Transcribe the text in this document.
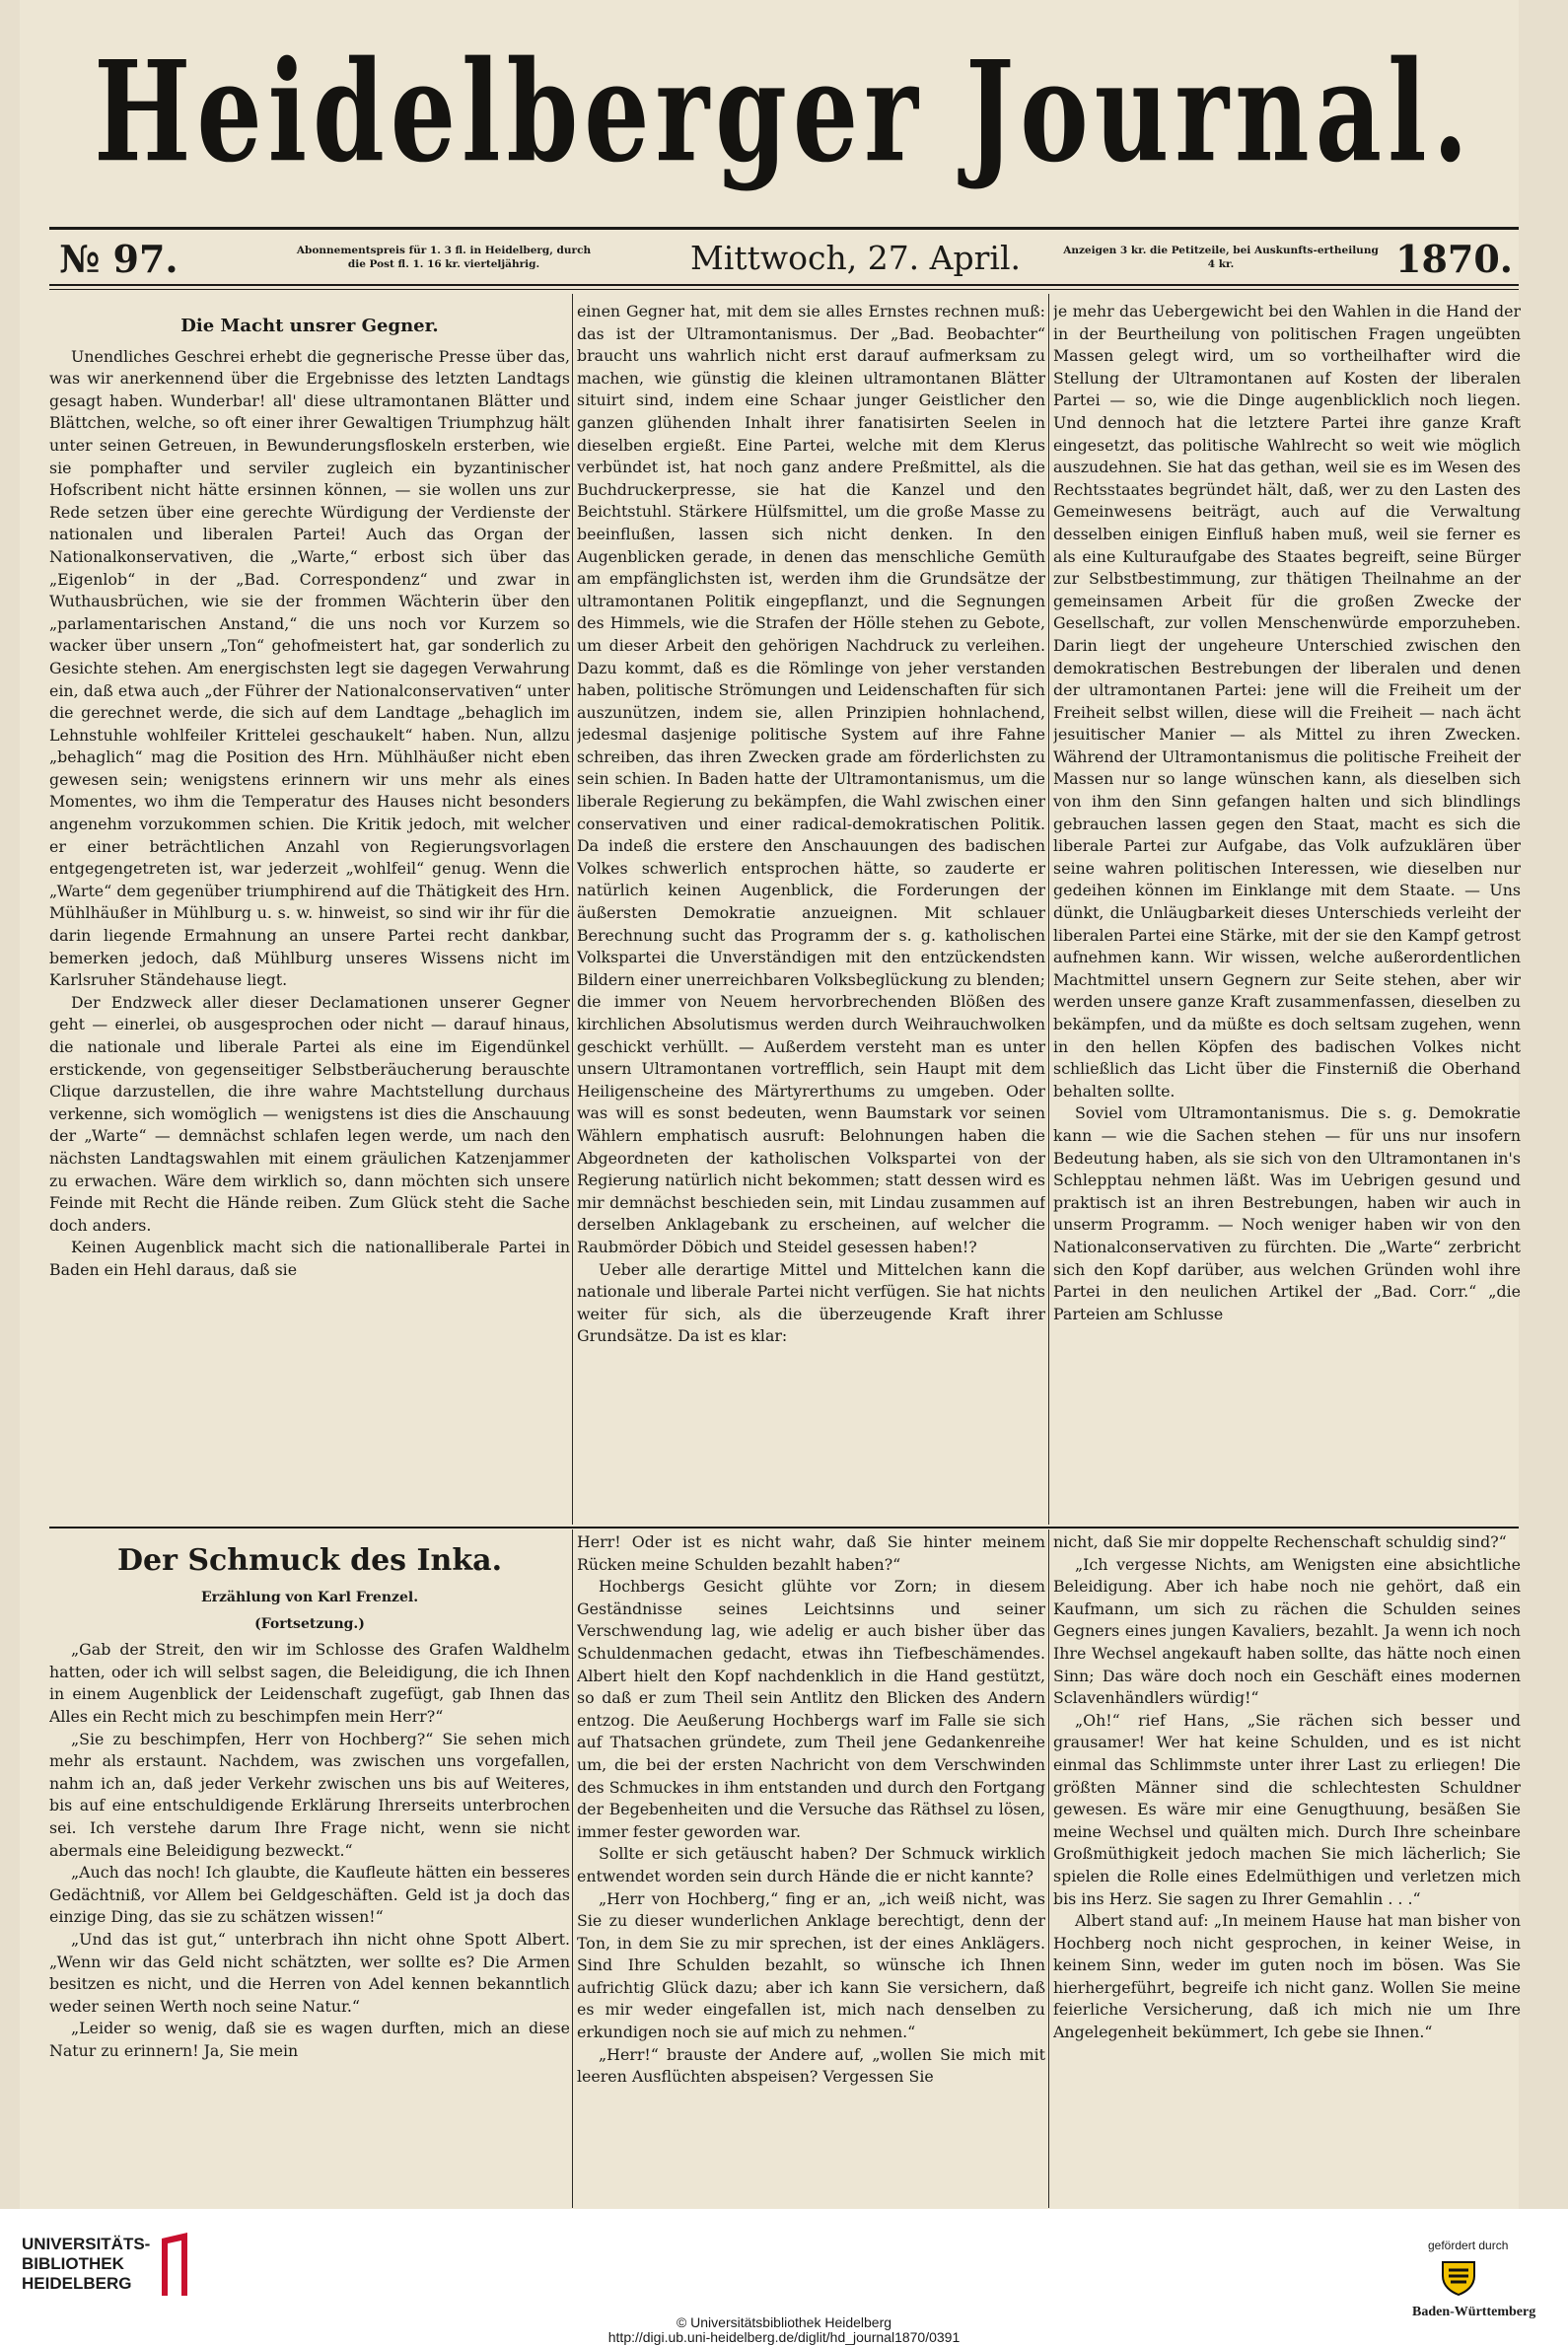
Heidelberger Journal.
№ 97.	Abonnementspreis für 1. 3 fl. in Heidelberg, durch die Post fl. 1. 16 kr. vierteljährig.	Mittwoch, 27. April.	Anzeigen 3 kr. die Petitzeile, bei Auskunfts-ertheilung 4 kr.	1870.

Die Macht unsrer Gegner.

Unendliches Geschrei erhebt die gegnerische Presse über das, was wir anerkennend über die Ergebnisse des letzten Landtags gesagt haben. Wunderbar! all' diese ultramontanen Blätter und Blättchen, welche, so oft einer ihrer Gewaltigen Triumphzug hält unter seinen Getreuen, in Bewunderungsfloskeln ersterben, wie sie pomphafter und serviler zugleich ein byzantinischer Hofscribent nicht hätte ersinnen können, — sie wollen uns zur Rede setzen über eine gerechte Würdigung der Verdienste der nationalen und liberalen Partei! Auch das Organ der Nationalkonservativen, die „Warte,“ erbost sich über das „Eigenlob“ in der „Bad. Correspondenz“ und zwar in Wuthausbrüchen, wie sie der frommen Wächterin über den „parlamentarischen Anstand,“ die uns noch vor Kurzem so wacker über unsern „Ton“ gehofmeistert hat, gar sonderlich zu Gesichte stehen. Am energischsten legt sie dagegen Verwahrung ein, daß etwa auch „der Führer der Nationalconservativen“ unter die gerechnet werde, die sich auf dem Landtage „behaglich im Lehnstuhle wohlfeiler Krittelei geschaukelt“ haben. Nun, allzu „behaglich“ mag die Position des Hrn. Mühlhäußer nicht eben gewesen sein; wenigstens erinnern wir uns mehr als eines Momentes, wo ihm die Temperatur des Hauses nicht besonders angenehm vorzukommen schien. Die Kritik jedoch, mit welcher er einer beträchtlichen Anzahl von Regierungsvorlagen entgegengetreten ist, war jederzeit „wohlfeil“ genug. Wenn die „Warte“ dem gegenüber triumphirend auf die Thätigkeit des Hrn. Mühlhäußer in Mühlburg u. s. w. hinweist, so sind wir ihr für die darin liegende Ermahnung an unsere Partei recht dankbar, bemerken jedoch, daß Mühlburg unseres Wissens nicht im Karlsruher Ständehause liegt.

Der Endzweck aller dieser Declamationen unserer Gegner geht — einerlei, ob ausgesprochen oder nicht — darauf hinaus, die nationale und liberale Partei als eine im Eigendünkel erstickende, von gegenseitiger Selbstberäucherung berauschte Clique darzustellen, die ihre wahre Machtstellung durchaus verkenne, sich womöglich — wenigstens ist dies die Anschauung der „Warte“ — demnächst schlafen legen werde, um nach den nächsten Landtagswahlen mit einem gräulichen Katzenjammer zu erwachen. Wäre dem wirklich so, dann möchten sich unsere Feinde mit Recht die Hände reiben. Zum Glück steht die Sache doch anders.

Keinen Augenblick macht sich die nationalliberale Partei in Baden ein Hehl daraus, daß sie

einen Gegner hat, mit dem sie alles Ernstes rechnen muß: das ist der Ultramontanismus. Der „Bad. Beobachter“ braucht uns wahrlich nicht erst darauf aufmerksam zu machen, wie günstig die kleinen ultramontanen Blätter situirt sind, indem eine Schaar junger Geistlicher den ganzen glühenden Inhalt ihrer fanatisirten Seelen in dieselben ergießt. Eine Partei, welche mit dem Klerus verbündet ist, hat noch ganz andere Preßmittel, als die Buchdruckerpresse, sie hat die Kanzel und den Beichtstuhl. Stärkere Hülfsmittel, um die große Masse zu beeinflußen, lassen sich nicht denken. In den Augenblicken gerade, in denen das menschliche Gemüth am empfänglichsten ist, werden ihm die Grundsätze der ultramontanen Politik eingepflanzt, und die Segnungen des Himmels, wie die Strafen der Hölle stehen zu Gebote, um dieser Arbeit den gehörigen Nachdruck zu verleihen. Dazu kommt, daß es die Römlinge von jeher verstanden haben, politische Strömungen und Leidenschaften für sich auszunützen, indem sie, allen Prinzipien hohnlachend, jedesmal dasjenige politische System auf ihre Fahne schreiben, das ihren Zwecken grade am förderlichsten zu sein schien. In Baden hatte der Ultramontanismus, um die liberale Regierung zu bekämpfen, die Wahl zwischen einer conservativen und einer radical-demokratischen Politik. Da indeß die erstere den Anschauungen des badischen Volkes schwerlich entsprochen hätte, so zauderte er natürlich keinen Augenblick, die Forderungen der äußersten Demokratie anzueignen. Mit schlauer Berechnung sucht das Programm der s. g. katholischen Volkspartei die Unverständigen mit den entzückendsten Bildern einer unerreichbaren Volksbeglückung zu blenden; die immer von Neuem hervorbrechenden Blößen des kirchlichen Absolutismus werden durch Weihrauchwolken geschickt verhüllt. — Außerdem versteht man es unter unsern Ultramontanen vortrefflich, sein Haupt mit dem Heiligenscheine des Märtyrerthums zu umgeben. Oder was will es sonst bedeuten, wenn Baumstark vor seinen Wählern emphatisch ausruft: Belohnungen haben die Abgeordneten der katholischen Volkspartei von der Regierung natürlich nicht bekommen; statt dessen wird es mir demnächst beschieden sein, mit Lindau zusammen auf derselben Anklagebank zu erscheinen, auf welcher die Raubmörder Döbich und Steidel gesessen haben!?

Ueber alle derartige Mittel und Mittelchen kann die nationale und liberale Partei nicht verfügen. Sie hat nichts weiter für sich, als die überzeugende Kraft ihrer Grundsätze. Da ist es klar:

je mehr das Uebergewicht bei den Wahlen in die Hand der in der Beurtheilung von politischen Fragen ungeübten Massen gelegt wird, um so vortheilhafter wird die Stellung der Ultramontanen auf Kosten der liberalen Partei — so, wie die Dinge augenblicklich noch liegen. Und dennoch hat die letztere Partei ihre ganze Kraft eingesetzt, das politische Wahlrecht so weit wie möglich auszudehnen. Sie hat das gethan, weil sie es im Wesen des Rechtsstaates begründet hält, daß, wer zu den Lasten des Gemeinwesens beiträgt, auch auf die Verwaltung desselben einigen Einfluß haben muß, weil sie ferner es als eine Kulturaufgabe des Staates begreift, seine Bürger zur Selbstbestimmung, zur thätigen Theilnahme an der gemeinsamen Arbeit für die großen Zwecke der Gesellschaft, zur vollen Menschenwürde emporzuheben. Darin liegt der ungeheure Unterschied zwischen den demokratischen Bestrebungen der liberalen und denen der ultramontanen Partei: jene will die Freiheit um der Freiheit selbst willen, diese will die Freiheit — nach ächt jesuitischer Manier — als Mittel zu ihren Zwecken. Während der Ultramontanismus die politische Freiheit der Massen nur so lange wünschen kann, als dieselben sich von ihm den Sinn gefangen halten und sich blindlings gebrauchen lassen gegen den Staat, macht es sich die liberale Partei zur Aufgabe, das Volk aufzuklären über seine wahren politischen Interessen, wie dieselben nur gedeihen können im Einklange mit dem Staate. — Uns dünkt, die Unläugbarkeit dieses Unterschieds verleiht der liberalen Partei eine Stärke, mit der sie den Kampf getrost aufnehmen kann. Wir wissen, welche außerordentlichen Machtmittel unsern Gegnern zur Seite stehen, aber wir werden unsere ganze Kraft zusammenfassen, dieselben zu bekämpfen, und da müßte es doch seltsam zugehen, wenn in den hellen Köpfen des badischen Volkes nicht schließlich das Licht über die Finsterniß die Oberhand behalten sollte.

Soviel vom Ultramontanismus. Die s. g. Demokratie kann — wie die Sachen stehen — für uns nur insofern Bedeutung haben, als sie sich von den Ultramontanen in's Schlepptau nehmen läßt. Was im Uebrigen gesund und praktisch ist an ihren Bestrebungen, haben wir auch in unserm Programm. — Noch weniger haben wir von den Nationalconservativen zu fürchten. Die „Warte“ zerbricht sich den Kopf darüber, aus welchen Gründen wohl ihre Partei in den neulichen Artikel der „Bad. Corr.“ „die Parteien am Schlusse

Der Schmuck des Inka.

Erzählung von Karl Frenzel.

(Fortsetzung.)

„Gab der Streit, den wir im Schlosse des Grafen Waldhelm hatten, oder ich will selbst sagen, die Beleidigung, die ich Ihnen in einem Augenblick der Leidenschaft zugefügt, gab Ihnen das Alles ein Recht mich zu beschimpfen mein Herr?“

„Sie zu beschimpfen, Herr von Hochberg?“ Sie sehen mich mehr als erstaunt. Nachdem, was zwischen uns vorgefallen, nahm ich an, daß jeder Verkehr zwischen uns bis auf Weiteres, bis auf eine entschuldigende Erklärung Ihrerseits unterbrochen sei. Ich verstehe darum Ihre Frage nicht, wenn sie nicht abermals eine Beleidigung bezweckt.“

„Auch das noch! Ich glaubte, die Kaufleute hätten ein besseres Gedächtniß, vor Allem bei Geldgeschäften. Geld ist ja doch das einzige Ding, das sie zu schätzen wissen!“

„Und das ist gut,“ unterbrach ihn nicht ohne Spott Albert. „Wenn wir das Geld nicht schätzten, wer sollte es? Die Armen besitzen es nicht, und die Herren von Adel kennen bekanntlich weder seinen Werth noch seine Natur.“

„Leider so wenig, daß sie es wagen durften, mich an diese Natur zu erinnern! Ja, Sie mein

Herr! Oder ist es nicht wahr, daß Sie hinter meinem Rücken meine Schulden bezahlt haben?“

Hochbergs Gesicht glühte vor Zorn; in diesem Geständnisse seines Leichtsinns und seiner Verschwendung lag, wie adelig er auch bisher über das Schuldenmachen gedacht, etwas ihn Tiefbeschämendes. Albert hielt den Kopf nachdenklich in die Hand gestützt, so daß er zum Theil sein Antlitz den Blicken des Andern entzog. Die Aeußerung Hochbergs warf im Falle sie sich auf Thatsachen gründete, zum Theil jene Gedankenreihe um, die bei der ersten Nachricht von dem Verschwinden des Schmuckes in ihm entstanden und durch den Fortgang der Begebenheiten und die Versuche das Räthsel zu lösen, immer fester geworden war.

Sollte er sich getäuscht haben? Der Schmuck wirklich entwendet worden sein durch Hände die er nicht kannte?

„Herr von Hochberg,“ fing er an, „ich weiß nicht, was Sie zu dieser wunderlichen Anklage berechtigt, denn der Ton, in dem Sie zu mir sprechen, ist der eines Anklägers. Sind Ihre Schulden bezahlt, so wünsche ich Ihnen aufrichtig Glück dazu; aber ich kann Sie versichern, daß es mir weder eingefallen ist, mich nach denselben zu erkundigen noch sie auf mich zu nehmen.“

„Herr!“ brauste der Andere auf, „wollen Sie mich mit leeren Ausflüchten abspeisen? Vergessen Sie

nicht, daß Sie mir doppelte Rechenschaft schuldig sind?“

„Ich vergesse Nichts, am Wenigsten eine absichtliche Beleidigung. Aber ich habe noch nie gehört, daß ein Kaufmann, um sich zu rächen die Schulden seines Gegners eines jungen Kavaliers, bezahlt. Ja wenn ich noch Ihre Wechsel angekauft haben sollte, das hätte noch einen Sinn; Das wäre doch noch ein Geschäft eines modernen Sclavenhändlers würdig!“

„Oh!“ rief Hans, „Sie rächen sich besser und grausamer! Wer hat keine Schulden, und es ist nicht einmal das Schlimmste unter ihrer Last zu erliegen! Die größten Männer sind die schlechtesten Schuldner gewesen. Es wäre mir eine Genugthuung, besäßen Sie meine Wechsel und quälten mich. Durch Ihre scheinbare Großmüthigkeit jedoch machen Sie mich lächerlich; Sie spielen die Rolle eines Edelmüthigen und verletzen mich bis ins Herz. Sie sagen zu Ihrer Gemahlin . . .“

Albert stand auf: „In meinem Hause hat man bisher von Hochberg noch nicht gesprochen, in keiner Weise, in keinem Sinn, weder im guten noch im bösen. Was Sie hierhergeführt, begreife ich nicht ganz. Wollen Sie meine feierliche Versicherung, daß ich mich nie um Ihre Angelegenheit bekümmert, Ich gebe sie Ihnen.“

UNIVERSITÄTS-
BIBLIOTHEK
HEIDELBERG
© Universitätsbibliothek Heidelberg
http://digi.ub.uni-heidelberg.de/diglit/hd_journal1870/0391
gefördert durch
Baden-Württemberg
